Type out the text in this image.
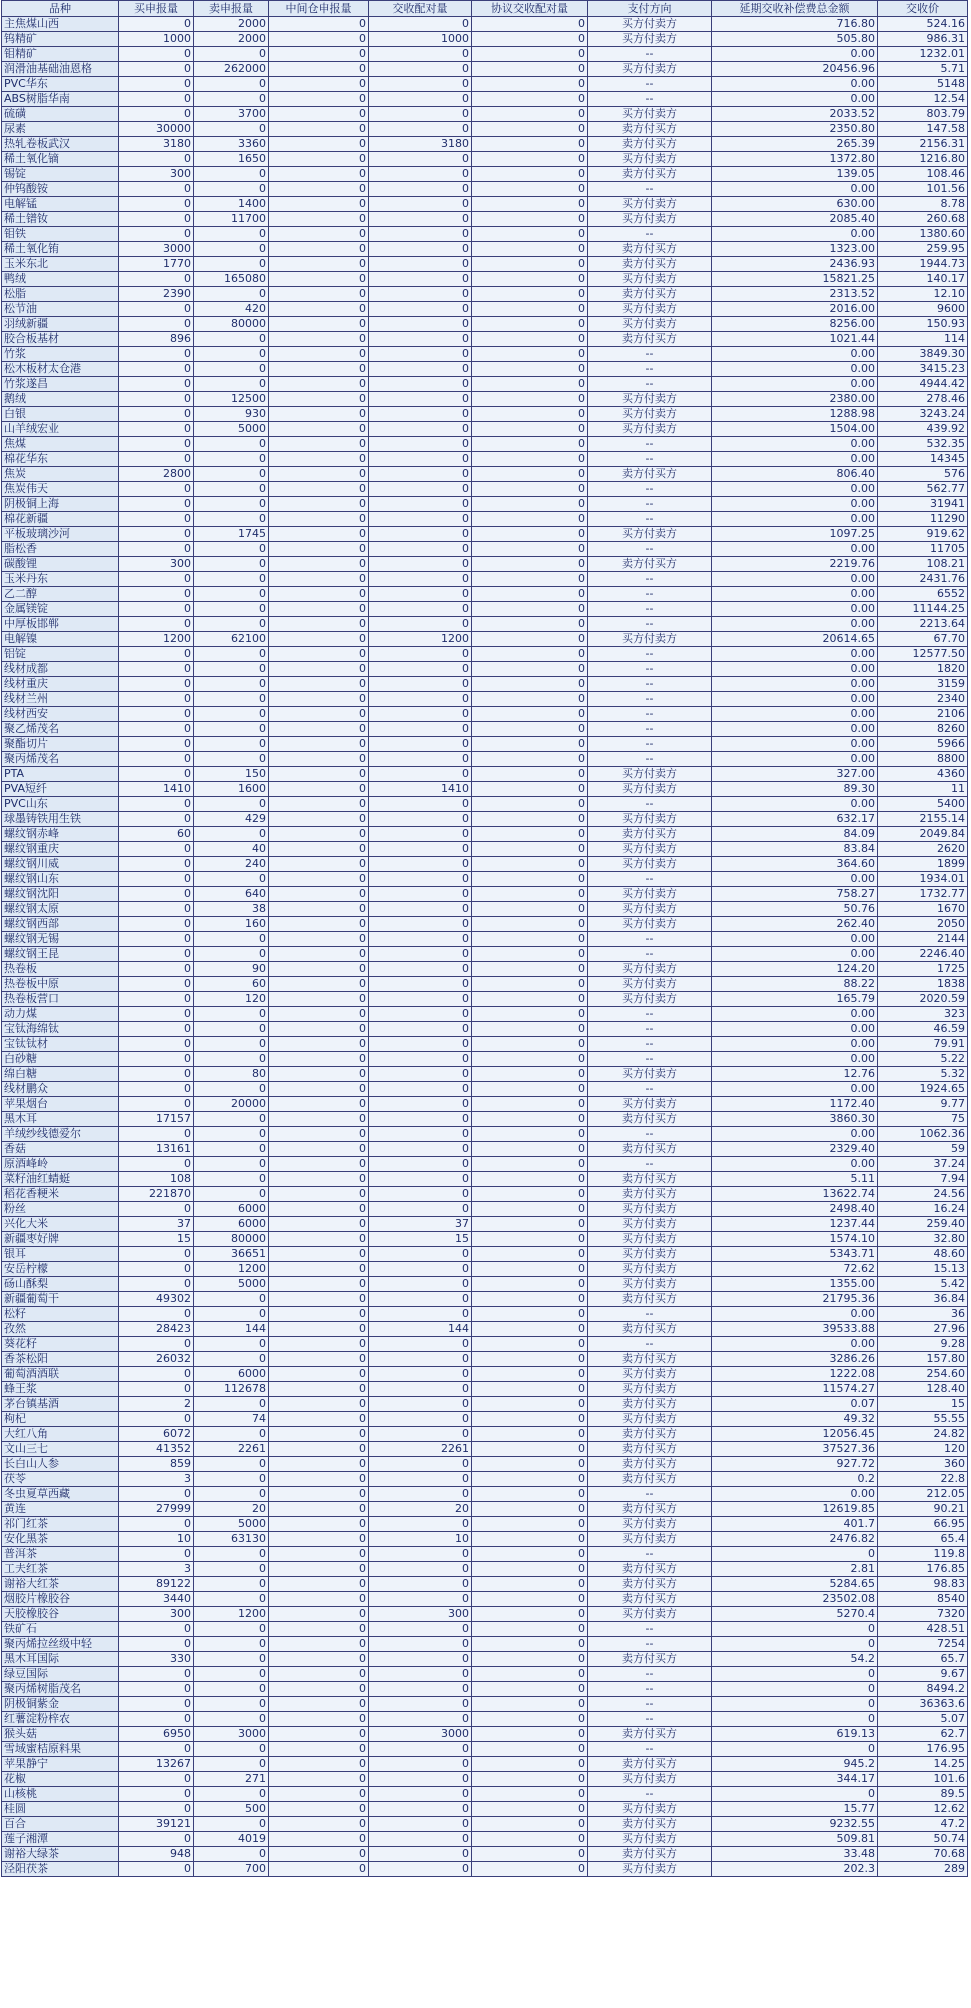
品种	买申报量	卖申报量	中间仓申报量	交收配对量	协议交收配对量	支付方向	延期交收补偿费总金额	交收价
主焦煤山西	0	2000	0	0	0	买方付卖方	716.80	524.16
钨精矿	1000	2000	0	1000	0	买方付卖方	505.80	986.31
钼精矿	0	0	0	0	0	--	0.00	1232.01
润滑油基础油恩格	0	262000	0	0	0	买方付卖方	20456.96	5.71
PVC华东	0	0	0	0	0	--	0.00	5148
ABS树脂华南	0	0	0	0	0	--	0.00	12.54
硫磺	0	3700	0	0	0	买方付卖方	2033.52	803.79
尿素	30000	0	0	0	0	卖方付买方	2350.80	147.58
热轧卷板武汉	3180	3360	0	3180	0	卖方付买方	265.39	2156.31
稀土氧化镝	0	1650	0	0	0	买方付卖方	1372.80	1216.80
锡锭	300	0	0	0	0	卖方付买方	139.05	108.46
仲钨酸铵	0	0	0	0	0	--	0.00	101.56
电解锰	0	1400	0	0	0	买方付卖方	630.00	8.78
稀土镨钕	0	11700	0	0	0	买方付卖方	2085.40	260.68
钼铁	0	0	0	0	0	--	0.00	1380.60
稀土氧化铕	3000	0	0	0	0	卖方付买方	1323.00	259.95
玉米东北	1770	0	0	0	0	卖方付买方	2436.93	1944.73
鸭绒	0	165080	0	0	0	买方付卖方	15821.25	140.17
松脂	2390	0	0	0	0	卖方付买方	2313.52	12.10
松节油	0	420	0	0	0	买方付卖方	2016.00	9600
羽绒新疆	0	80000	0	0	0	买方付卖方	8256.00	150.93
胶合板基材	896	0	0	0	0	卖方付买方	1021.44	114
竹浆	0	0	0	0	0	--	0.00	3849.30
松木板材太仓港	0	0	0	0	0	--	0.00	3415.23
竹浆遂昌	0	0	0	0	0	--	0.00	4944.42
鹅绒	0	12500	0	0	0	买方付卖方	2380.00	278.46
白银	0	930	0	0	0	买方付卖方	1288.98	3243.24
山羊绒宏业	0	5000	0	0	0	买方付卖方	1504.00	439.92
焦煤	0	0	0	0	0	--	0.00	532.35
棉花华东	0	0	0	0	0	--	0.00	14345
焦炭	2800	0	0	0	0	卖方付买方	806.40	576
焦炭伟天	0	0	0	0	0	--	0.00	562.77
阴极铜上海	0	0	0	0	0	--	0.00	31941
棉花新疆	0	0	0	0	0	--	0.00	11290
平板玻璃沙河	0	1745	0	0	0	买方付卖方	1097.25	919.62
脂松香	0	0	0	0	0	--	0.00	11705
碳酸锂	300	0	0	0	0	卖方付买方	2219.76	108.21
玉米丹东	0	0	0	0	0	--	0.00	2431.76
乙二醇	0	0	0	0	0	--	0.00	6552
金属镁锭	0	0	0	0	0	--	0.00	11144.25
中厚板邯郸	0	0	0	0	0	--	0.00	2213.64
电解镍	1200	62100	0	1200	0	买方付卖方	20614.65	67.70
铝锭	0	0	0	0	0	--	0.00	12577.50
线材成都	0	0	0	0	0	--	0.00	1820
线材重庆	0	0	0	0	0	--	0.00	3159
线材兰州	0	0	0	0	0	--	0.00	2340
线材西安	0	0	0	0	0	--	0.00	2106
聚乙烯茂名	0	0	0	0	0	--	0.00	8260
聚酯切片	0	0	0	0	0	--	0.00	5966
聚丙烯茂名	0	0	0	0	0	--	0.00	8800
PTA	0	150	0	0	0	买方付卖方	327.00	4360
PVA短纤	1410	1600	0	1410	0	买方付卖方	89.30	11
PVC山东	0	0	0	0	0	--	0.00	5400
球墨铸铁用生铁	0	429	0	0	0	买方付卖方	632.17	2155.14
螺纹钢赤峰	60	0	0	0	0	卖方付买方	84.09	2049.84
螺纹钢重庆	0	40	0	0	0	买方付卖方	83.84	2620
螺纹钢川威	0	240	0	0	0	买方付卖方	364.60	1899
螺纹钢山东	0	0	0	0	0	--	0.00	1934.01
螺纹钢沈阳	0	640	0	0	0	买方付卖方	758.27	1732.77
螺纹钢太原	0	38	0	0	0	买方付卖方	50.76	1670
螺纹钢西部	0	160	0	0	0	买方付卖方	262.40	2050
螺纹钢无锡	0	0	0	0	0	--	0.00	2144
螺纹钢王昆	0	0	0	0	0	--	0.00	2246.40
热卷板	0	90	0	0	0	买方付卖方	124.20	1725
热卷板中原	0	60	0	0	0	买方付卖方	88.22	1838
热卷板营口	0	120	0	0	0	买方付卖方	165.79	2020.59
动力煤	0	0	0	0	0	--	0.00	323
宝钛海绵钛	0	0	0	0	0	--	0.00	46.59
宝钛钛材	0	0	0	0	0	--	0.00	79.91
白砂糖	0	0	0	0	0	--	0.00	5.22
绵白糖	0	80	0	0	0	买方付卖方	12.76	5.32
线材鹏众	0	0	0	0	0	--	0.00	1924.65
苹果烟台	0	20000	0	0	0	买方付卖方	1172.40	9.77
黑木耳	17157	0	0	0	0	卖方付买方	3860.30	75
羊绒纱线德爱尔	0	0	0	0	0	--	0.00	1062.36
香菇	13161	0	0	0	0	卖方付买方	2329.40	59
原酒峰岭	0	0	0	0	0	--	0.00	37.24
菜籽油红蜻蜓	108	0	0	0	0	卖方付买方	5.11	7.94
稻花香粳米	221870	0	0	0	0	卖方付买方	13622.74	24.56
粉丝	0	6000	0	0	0	买方付卖方	2498.40	16.24
兴化大米	37	6000	0	37	0	买方付卖方	1237.44	259.40
新疆枣好牌	15	80000	0	15	0	买方付卖方	1574.10	32.80
银耳	0	36651	0	0	0	买方付卖方	5343.71	48.60
安岳柠檬	0	1200	0	0	0	买方付卖方	72.62	15.13
砀山酥梨	0	5000	0	0	0	买方付卖方	1355.00	5.42
新疆葡萄干	49302	0	0	0	0	卖方付买方	21795.36	36.84
松籽	0	0	0	0	0	--	0.00	36
孜然	28423	144	0	144	0	卖方付买方	39533.88	27.96
葵花籽	0	0	0	0	0	--	0.00	9.28
香茶松阳	26032	0	0	0	0	卖方付买方	3286.26	157.80
葡萄酒酒联	0	6000	0	0	0	买方付卖方	1222.08	254.60
蜂王浆	0	112678	0	0	0	买方付卖方	11574.27	128.40
茅台镇基酒	2	0	0	0	0	卖方付买方	0.07	15
枸杞	0	74	0	0	0	买方付卖方	49.32	55.55
大红八角	6072	0	0	0	0	卖方付买方	12056.45	24.82
文山三七	41352	2261	0	2261	0	卖方付买方	37527.36	120
长白山人参	859	0	0	0	0	卖方付买方	927.72	360
茯苓	3	0	0	0	0	卖方付买方	0.2	22.8
冬虫夏草西藏	0	0	0	0	0	--	0.00	212.05
黄连	27999	20	0	20	0	卖方付买方	12619.85	90.21
祁门红茶	0	5000	0	0	0	买方付卖方	401.7	66.95
安化黑茶	10	63130	0	10	0	买方付卖方	2476.82	65.4
普洱茶	0	0	0	0	0	--	0	119.8
工夫红茶	3	0	0	0	0	卖方付买方	2.81	176.85
谢裕大红茶	89122	0	0	0	0	卖方付买方	5284.65	98.83
烟胶片橡胶谷	3440	0	0	0	0	卖方付买方	23502.08	8540
天胶橡胶谷	300	1200	0	300	0	买方付卖方	5270.4	7320
铁矿石	0	0	0	0	0	--	0	428.51
聚丙烯拉丝级中轻	0	0	0	0	0	--	0	7254
黑木耳国际	330	0	0	0	0	卖方付买方	54.2	65.7
绿豆国际	0	0	0	0	0	--	0	9.67
聚丙烯树脂茂名	0	0	0	0	0	--	0	8494.2
阴极铜紫金	0	0	0	0	0	--	0	36363.6
红薯淀粉梓农	0	0	0	0	0	--	0	5.07
猴头菇	6950	3000	0	3000	0	卖方付买方	619.13	62.7
雪域蜜桔原料果	0	0	0	0	0	--	0	176.95
苹果静宁	13267	0	0	0	0	卖方付买方	945.2	14.25
花椒	0	271	0	0	0	买方付卖方	344.17	101.6
山核桃	0	0	0	0	0	--	0	89.5
桂圆	0	500	0	0	0	买方付卖方	15.77	12.62
百合	39121	0	0	0	0	卖方付买方	9232.55	47.2
莲子湘潭	0	4019	0	0	0	买方付卖方	509.81	50.74
谢裕大绿茶	948	0	0	0	0	卖方付买方	33.48	70.68
泾阳茯茶	0	700	0	0	0	买方付卖方	202.3	289
